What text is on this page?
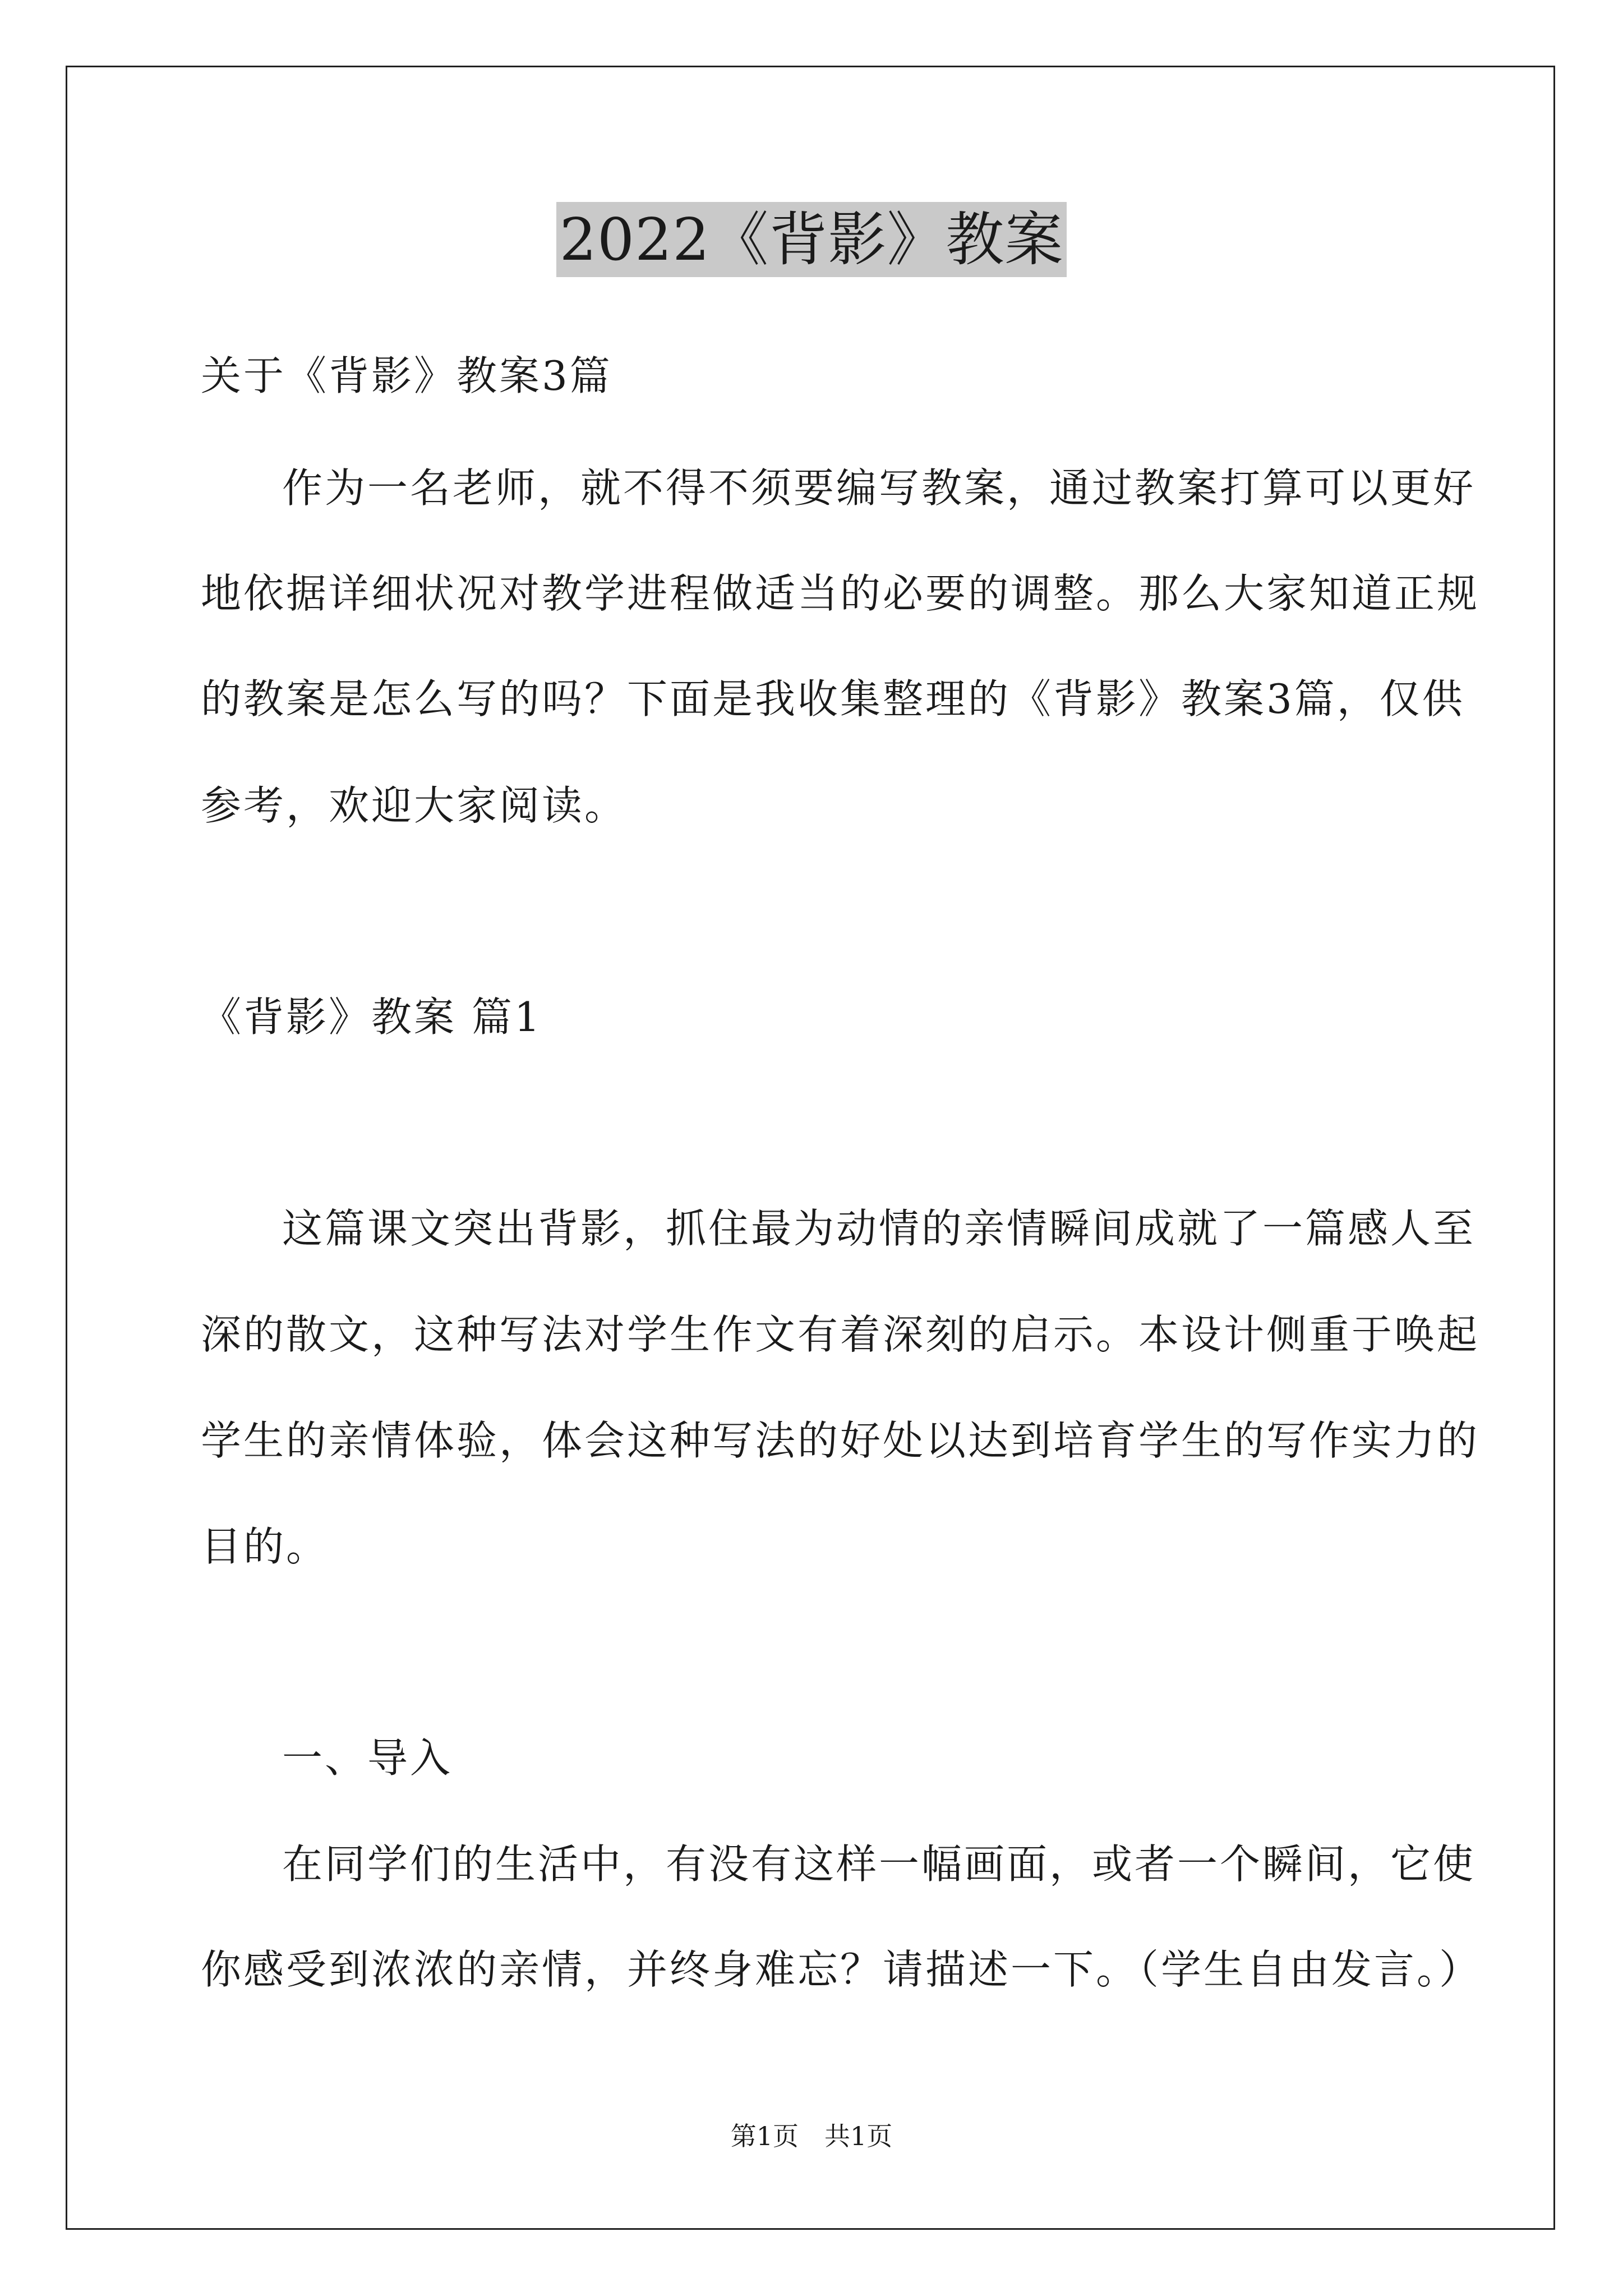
2022《背影》教案
关于《背影》教案3篇
作为一名老师，就不得不须要编写教案，通过教案打算可以更好
地依据详细状况对教学进程做适当的必要的调整。那么大家知道正规
的教案是怎么写的吗？下面是我收集整理的《背影》教案3篇，仅供
参考，欢迎大家阅读。
《背影》教案 篇1
这篇课文突出背影，抓住最为动情的亲情瞬间成就了一篇感人至
深的散文，这种写法对学生作文有着深刻的启示。本设计侧重于唤起
学生的亲情体验，体会这种写法的好处以达到培育学生的写作实力的
目的。
一、导入
在同学们的生活中，有没有这样一幅画面，或者一个瞬间，它使
你感受到浓浓的亲情，并终身难忘？请描述一下。（学生自由发言。）
第1页　共1页
